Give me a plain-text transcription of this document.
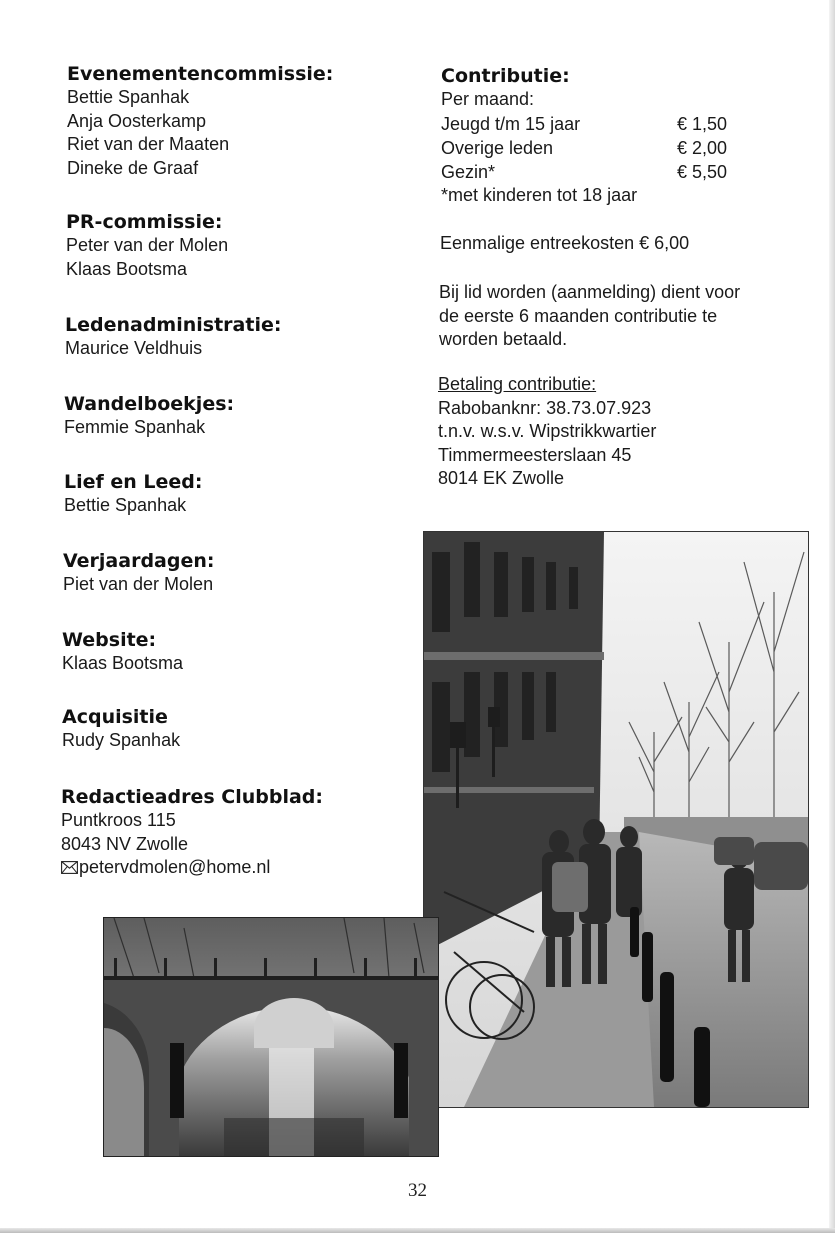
Evenementencommissie:
Bettie Spanhak
Anja Oosterkamp
Riet van der Maaten
Dineke de Graaf
PR-commissie:
Peter van der Molen
Klaas Bootsma
Ledenadministratie:
Maurice Veldhuis
Wandelboekjes:
Femmie Spanhak
Lief en Leed:
Bettie Spanhak
Verjaardagen:
Piet van der Molen
Website:
Klaas Bootsma
Acquisitie
Rudy Spanhak
Redactieadres Clubblad:
Puntkroos 115
8043 NV Zwolle
petervdmolen@home.nl
Contributie:
Per maand:
Jeugd t/m 15 jaar	€ 1,50
Overige leden	€ 2,00
Gezin*	€ 5,50
*met kinderen tot 18 jaar
Eenmalige entreekosten € 6,00
Bij lid worden (aanmelding) dient voor
de eerste 6 maanden contributie te
worden betaald.
Betaling contributie:
Rabobanknr: 38.73.07.923
t.n.v. w.s.v. Wipstrikkwartier
Timmermeesterslaan 45
8014 EK Zwolle
32
